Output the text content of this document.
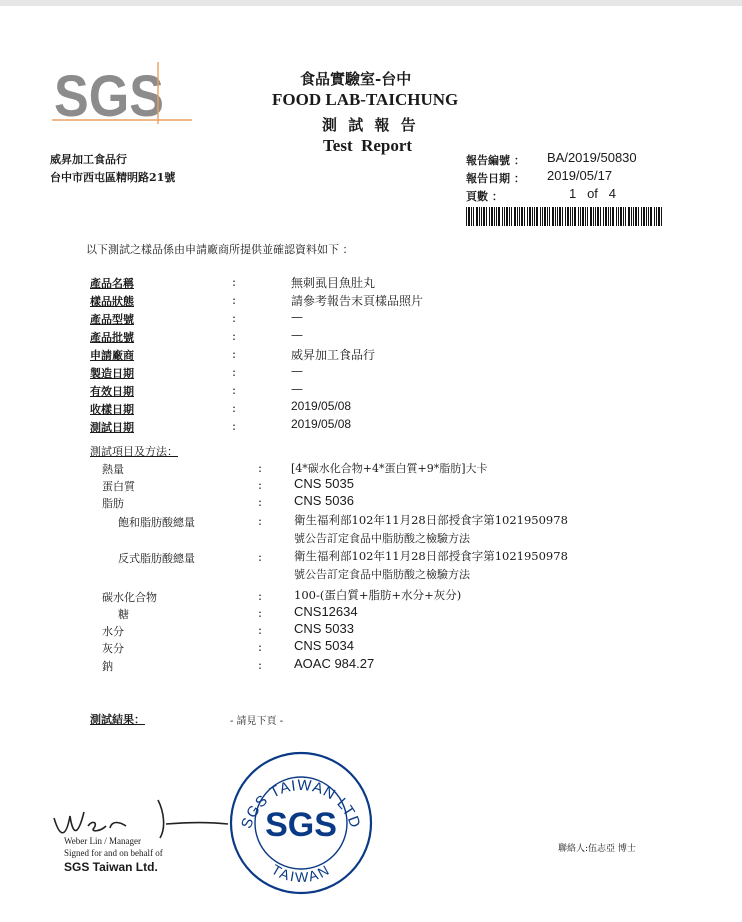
SGS	食品實驗室-台中
FOOD LAB-TAICHUNG
測 試 報 告
Test  Report
威昇加工食品行
台中市西屯區精明路21號
報告編號 ： BA/2019/50830
報告日期 ： 2019/05/17
頁數 ：	1   of   4
以下測試之樣品係由申請廠商所提供並確認資料如下 ：
產品名稱	:	無刺虱目魚肚丸
樣品狀態	:	請參考報告末頁樣品照片
產品型號	:	—
產品批號	:	—
申請廠商	:	威昇加工食品行
製造日期	:	—
有效日期	:	—
收樣日期	:	2019/05/08
測試日期	:	2019/05/08
測試項目及方法：
熱量	:	[4*碳水化合物+4*蛋白質+9*脂肪]大卡
蛋白質	: CNS 5035
脂肪	: CNS 5036
飽和脂肪酸總量	:	衛生福利部102年11月28日部授食字第1021950978
號公告訂定食品中脂肪酸之檢驗方法
反式脂肪酸總量	:	衛生福利部102年11月28日部授食字第1021950978
號公告訂定食品中脂肪酸之檢驗方法
碳水化合物	:	100-(蛋白質+脂肪+水分+灰分)
糖	: CNS12634
水分	: CNS 5033
灰分	: CNS 5034
鈉	: AOAC 984.27
測試結果：	- 請見下頁 -
Weber Lin / Manager
Signed for and on behalf of
SGS Taiwan Ltd.
SGS TAIWAN LTD
TAIWAN
SGS
聯絡人:伍志亞 博士
